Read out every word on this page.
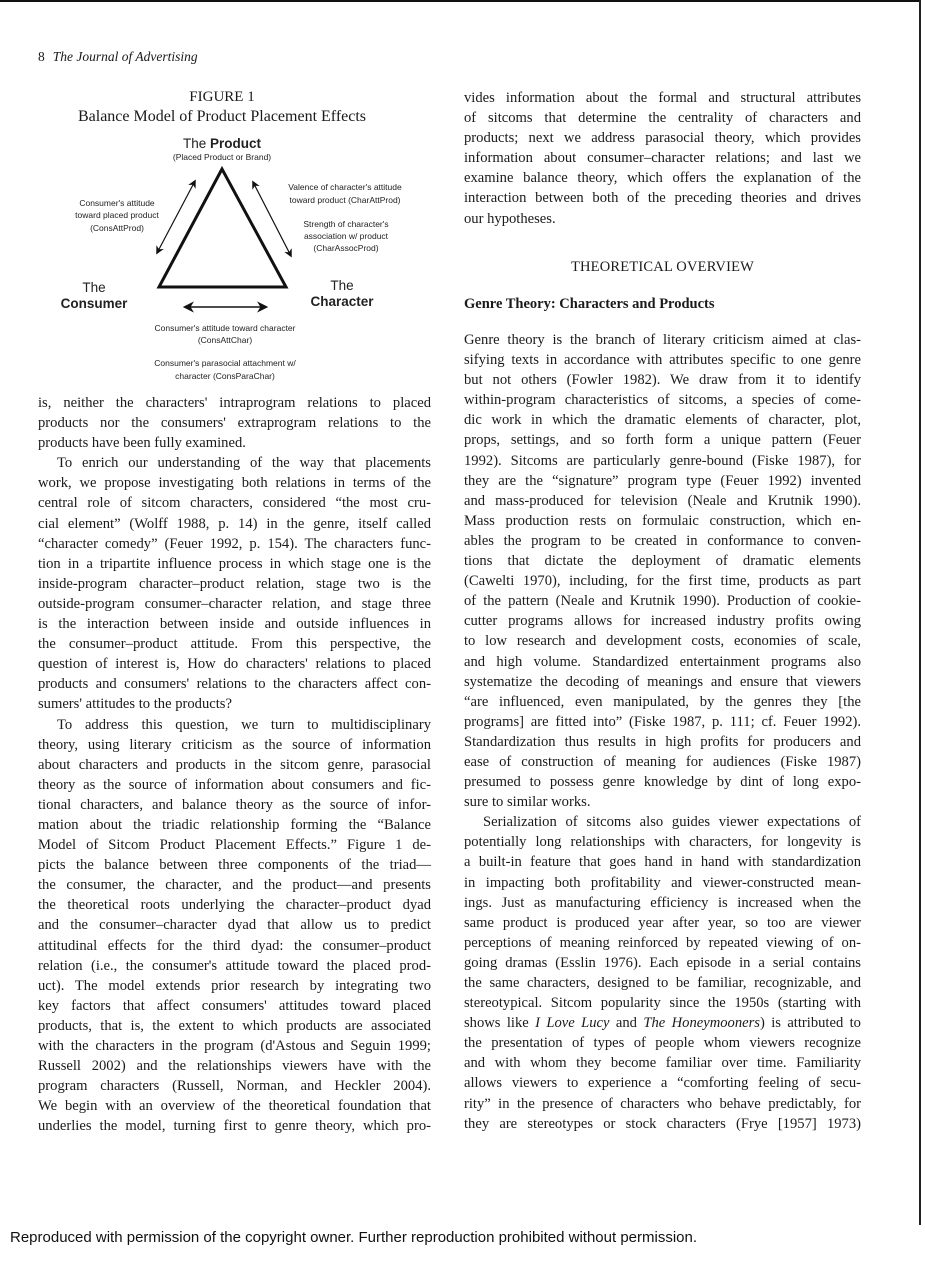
8 The Journal of Advertising
FIGURE 1
Balance Model of Product Placement Effects
The Product
(Placed Product or Brand)
The
Consumer
The
Character
Consumer's attitude
toward placed product
(ConsAttProd)
Valence of character's attitude
toward product (CharAttProd)
Strength of character's
association w/ product
(CharAssocProd)
Consumer's attitude toward character
(ConsAttChar)
Consumer's parasocial attachment w/
character (ConsParaChar)
is, neither the characters' intraprogram relations to placed
products nor the consumers' extraprogram relations to the
products have been fully examined.
To enrich our understanding of the way that placements
work, we propose investigating both relations in terms of the
central role of sitcom characters, considered “the most cru-
cial element” (Wolff 1988, p. 14) in the genre, itself called
“character comedy” (Feuer 1992, p. 154). The characters func-
tion in a tripartite influence process in which stage one is the
inside-program character–product relation, stage two is the
outside-program consumer–character relation, and stage three
is the interaction between inside and outside influences in
the consumer–product attitude. From this perspective, the
question of interest is, How do characters' relations to placed
products and consumers' relations to the characters affect con-
sumers' attitudes to the products?
To address this question, we turn to multidisciplinary
theory, using literary criticism as the source of information
about characters and products in the sitcom genre, parasocial
theory as the source of information about consumers and fic-
tional characters, and balance theory as the source of infor-
mation about the triadic relationship forming the “Balance
Model of Sitcom Product Placement Effects.” Figure 1 de-
picts the balance between three components of the triad—
the consumer, the character, and the product—and presents
the theoretical roots underlying the character–product dyad
and the consumer–character dyad that allow us to predict
attitudinal effects for the third dyad: the consumer–product
relation (i.e., the consumer's attitude toward the placed prod-
uct). The model extends prior research by integrating two
key factors that affect consumers' attitudes toward placed
products, that is, the extent to which products are associated
with the characters in the program (d'Astous and Seguin 1999;
Russell 2002) and the relationships viewers have with the
program characters (Russell, Norman, and Heckler 2004).
We begin with an overview of the theoretical foundation that
underlies the model, turning first to genre theory, which pro-
vides information about the formal and structural attributes
of sitcoms that determine the centrality of characters and
products; next we address parasocial theory, which provides
information about consumer–character relations; and last we
examine balance theory, which offers the explanation of the
interaction between both of the preceding theories and drives
our hypotheses.
THEORETICAL OVERVIEW
Genre Theory: Characters and Products
Genre theory is the branch of literary criticism aimed at clas-
sifying texts in accordance with attributes specific to one genre
but not others (Fowler 1982). We draw from it to identify
within-program characteristics of sitcoms, a species of come-
dic work in which the dramatic elements of character, plot,
props, settings, and so forth form a unique pattern (Feuer
1992). Sitcoms are particularly genre-bound (Fiske 1987), for
they are the “signature” program type (Feuer 1992) invented
and mass-produced for television (Neale and Krutnik 1990).
Mass production rests on formulaic construction, which en-
ables the program to be created in conformance to conven-
tions that dictate the deployment of dramatic elements
(Cawelti 1970), including, for the first time, products as part
of the pattern (Neale and Krutnik 1990). Production of cookie-
cutter programs allows for increased industry profits owing
to low research and development costs, economies of scale,
and high volume. Standardized entertainment programs also
systematize the decoding of meanings and ensure that viewers
“are influenced, even manipulated, by the genres they [the
programs] are fitted into” (Fiske 1987, p. 111; cf. Feuer 1992).
Standardization thus results in high profits for producers and
ease of construction of meaning for audiences (Fiske 1987)
presumed to possess genre knowledge by dint of long expo-
sure to similar works.
Serialization of sitcoms also guides viewer expectations of
potentially long relationships with characters, for longevity is
a built-in feature that goes hand in hand with standardization
in impacting both profitability and viewer-constructed mean-
ings. Just as manufacturing efficiency is increased when the
same product is produced year after year, so too are viewer
perceptions of meaning reinforced by repeated viewing of on-
going dramas (Esslin 1976). Each episode in a serial contains
the same characters, designed to be familiar, recognizable, and
stereotypical. Sitcom popularity since the 1950s (starting with
shows like I Love Lucy and The Honeymooners) is attributed to
the presentation of types of people whom viewers recognize
and with whom they become familiar over time. Familiarity
allows viewers to experience a “comforting feeling of secu-
rity” in the presence of characters who behave predictably, for
they are stereotypes or stock characters (Frye [1957] 1973)
Reproduced with permission of the copyright owner. Further reproduction prohibited without permission.
